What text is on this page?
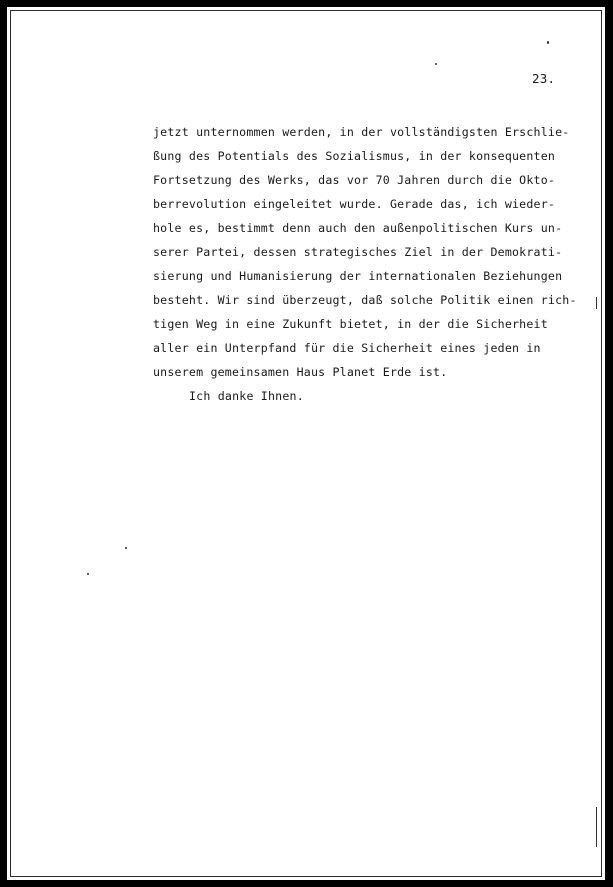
23.
jetzt unternommen werden, in der vollständigsten Erschlie-
ßung des Potentials des Sozialismus, in der konsequenten
Fortsetzung des Werks, das vor 70 Jahren durch die Okto-
berrevolution eingeleitet wurde. Gerade das, ich wieder-
hole es, bestimmt denn auch den außenpolitischen Kurs un-
serer Partei, dessen strategisches Ziel in der Demokrati-
sierung und Humanisierung der internationalen Beziehungen
besteht. Wir sind überzeugt, daß solche Politik einen rich-
tigen Weg in eine Zukunft bietet, in der die Sicherheit
aller ein Unterpfand für die Sicherheit eines jeden in
unserem gemeinsamen Haus Planet Erde ist.
Ich danke Ihnen.
